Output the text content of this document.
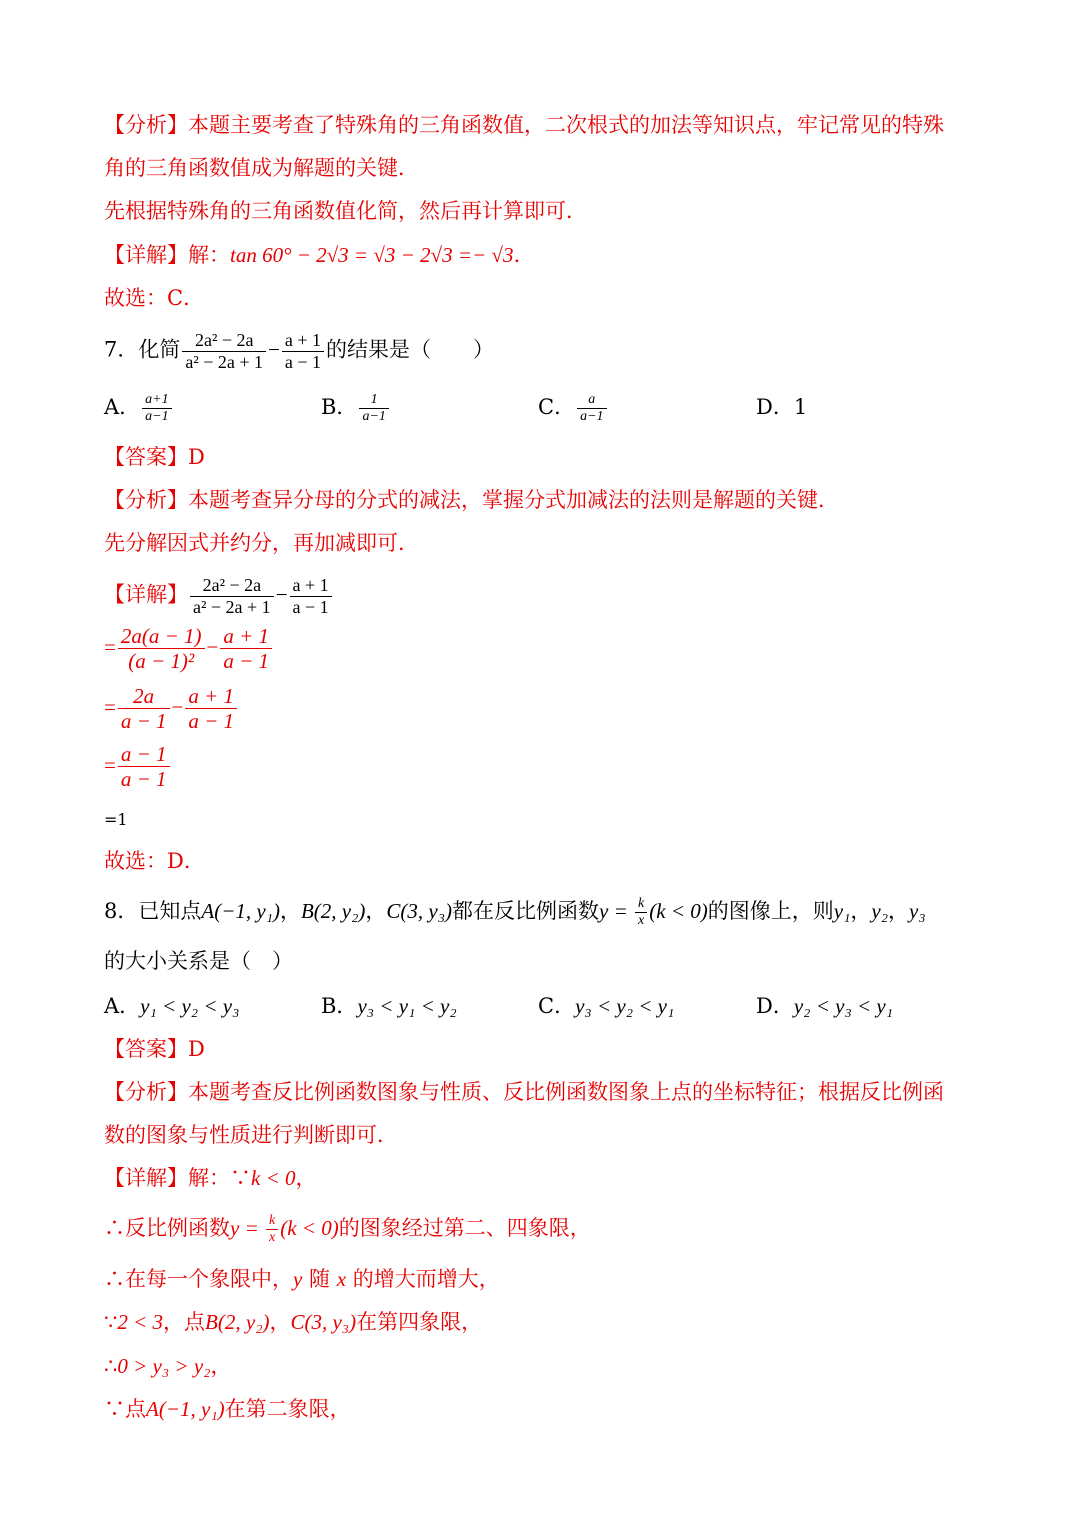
【分析】本题主要考查了特殊角的三角函数值，二次根式的加法等知识点，牢记常见的特殊
角的三角函数值成为解题的关键．
先根据特殊角的三角函数值化简，然后再计算即可．
【详解】解：tan 60° − 2√3 = √3 − 2√3 =− √3.
故选：C．
7．化简 $\frac{\text{2a² − 2a}}{\text{a² − 2a + 1}} - \frac{a + 1}{a - 1}$ 的结果是（　　）
A． $\frac{a+1}{a-1}$	B． $\frac{1}{a-1}$	C． $\frac{a}{a-1}$	D．1
【答案】D
【分析】本题考查异分母的分式的减法，掌握分式加减法的法则是解题的关键．
先分解因式并约分，再加减即可．
【详解】 $\frac{\text{2a² − 2a}}{\text{a² − 2a + 1}} - \frac{a + 1}{a - 1}$
= $\frac{2a(a - 1)}{\text{(a − 1)²}} - \frac{a + 1}{a - 1}$
= $\frac{2a}{a - 1} - \frac{a + 1}{a - 1}$
= $\frac{a - 1}{a - 1}$
=1
故选：D．
8．已知点A(−1, y₁)，B(2, y₂)，C(3, y₃)都在反比例函数$y = \frac{k}{x} (k < 0)$的图像上，则y₁，y₂，y₃
的大小关系是（　）
A．y₁ < y₂ < y₃	B．y₃ < y₁ < y₂	C．y₃ < y₂ < y₁	D．y₂ < y₃ < y₁
【答案】D
【分析】本题考查反比例函数图象与性质、反比例函数图象上点的坐标特征；根据反比例函
数的图象与性质进行判断即可．
【详解】解：∵k < 0，
∴反比例函数$y = \frac{k}{x} (k < 0)$的图象经过第二、四象限，
∴在每一个象限中，y 随 x 的增大而增大，
∵2 < 3，点B(2, y₂)，C(3, y₃)在第四象限，
∴0 > y₃ > y₂，
∵点A(−1, y₁)在第二象限，
